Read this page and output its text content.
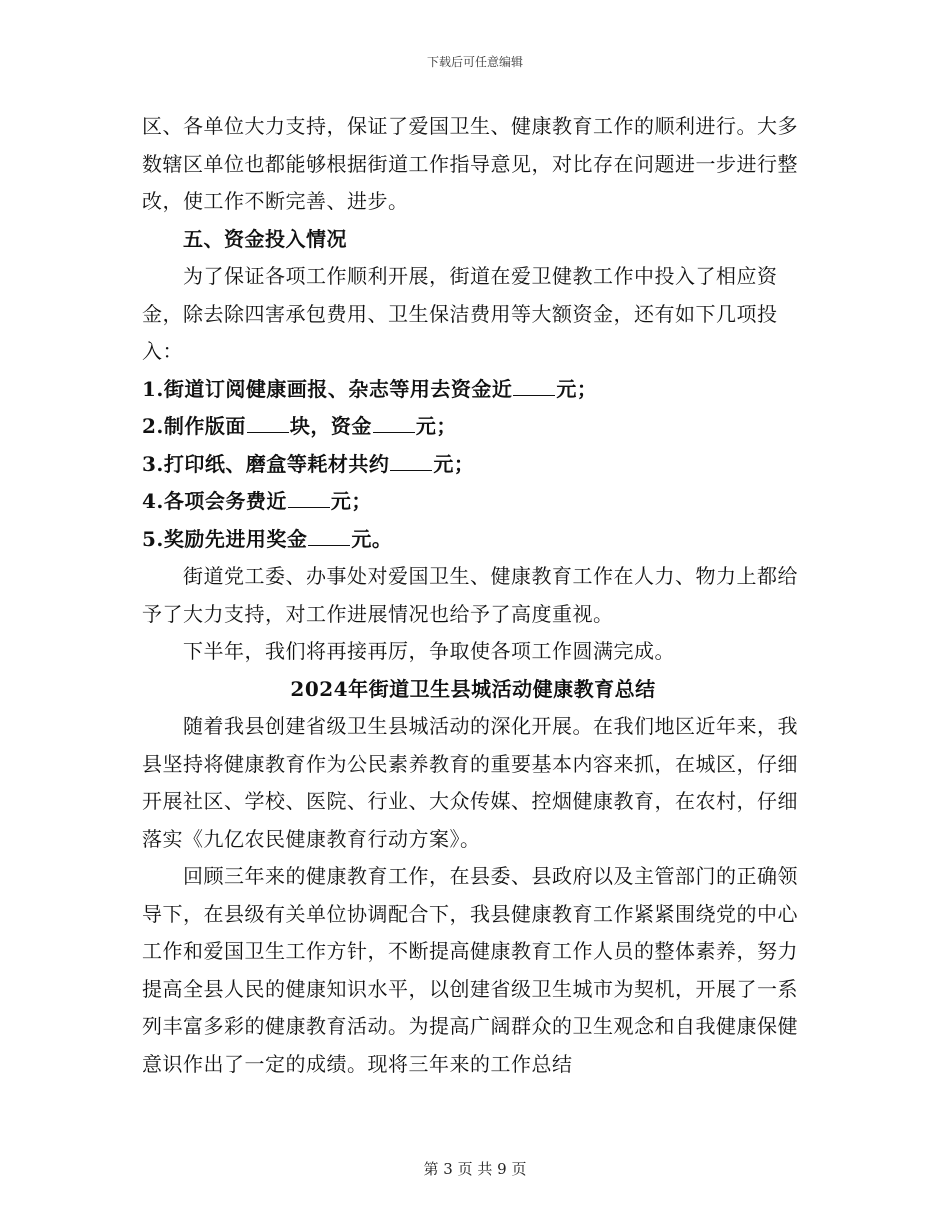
下载后可任意编辑

区、各单位大力支持，保证了爱国卫生、健康教育工作的顺利进行。大多数辖区单位也都能够根据街道工作指导意见，对比存在问题进一步进行整改，使工作不断完善、进步。

五、资金投入情况

为了保证各项工作顺利开展，街道在爱卫健教工作中投入了相应资金，除去除四害承包费用、卫生保洁费用等大额资金，还有如下几项投入：

1.街道订阅健康画报、杂志等用去资金近 元；

2.制作版面 块，资金 元；

3.打印纸、磨盒等耗材共约 元；

4.各项会务费近 元；

5.奖励先进用奖金 元。

街道党工委、办事处对爱国卫生、健康教育工作在人力、物力上都给予了大力支持，对工作进展情况也给予了高度重视。

下半年，我们将再接再厉，争取使各项工作圆满完成。

2024年街道卫生县城活动健康教育总结

随着我县创建省级卫生县城活动的深化开展。在我们地区近年来，我县坚持将健康教育作为公民素养教育的重要基本内容来抓，在城区，仔细开展社区、学校、医院、行业、大众传媒、控烟健康教育，在农村，仔细落实《九亿农民健康教育行动方案》。

回顾三年来的健康教育工作，在县委、县政府以及主管部门的正确领导下，在县级有关单位协调配合下，我县健康教育工作紧紧围绕党的中心工作和爱国卫生工作方针，不断提高健康教育工作人员的整体素养，努力提高全县人民的健康知识水平，以创建省级卫生城市为契机，开展了一系列丰富多彩的健康教育活动。为提高广阔群众的卫生观念和自我健康保健意识作出了一定的成绩。现将三年来的工作总结

第 3 页 共 9 页
